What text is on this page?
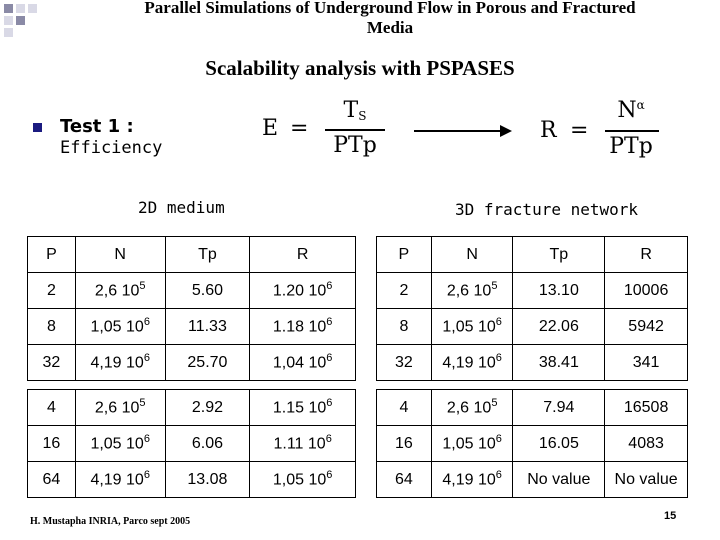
Parallel Simulations of Underground Flow in Porous and Fractured
Media
Scalability analysis with PSPASES
Test 1 :
Efficiency
E =
$T_S$
PTp
R =
$N^\alpha$
PTp
2D medium	3D fracture network
P	N	Tp	R
2	2,6 $10^5$	5.60	1.20 $10^6$
8	1,05 $10^6$	11.33	1.18 $10^6$
32	4,19 $10^6$	25.70	1,04 $10^6$

4	2,6 $10^5$	2.92	1.15 $10^6$
16	1,05 $10^6$	6.06	1.11 $10^6$
64	4,19 $10^6$	13.08	1,05 $10^6$
P	N	Tp	R
2	2,6 $10^5$	13.10	10006
8	1,05 $10^6$	22.06	5942
32	4,19 $10^6$	38.41	341

4	2,6 $10^5$	7.94	16508
16	1,05 $10^6$	16.05	4083
64	4,19 $10^6$	No value	No value
H. Mustapha INRIA, Parco sept 2005	15
